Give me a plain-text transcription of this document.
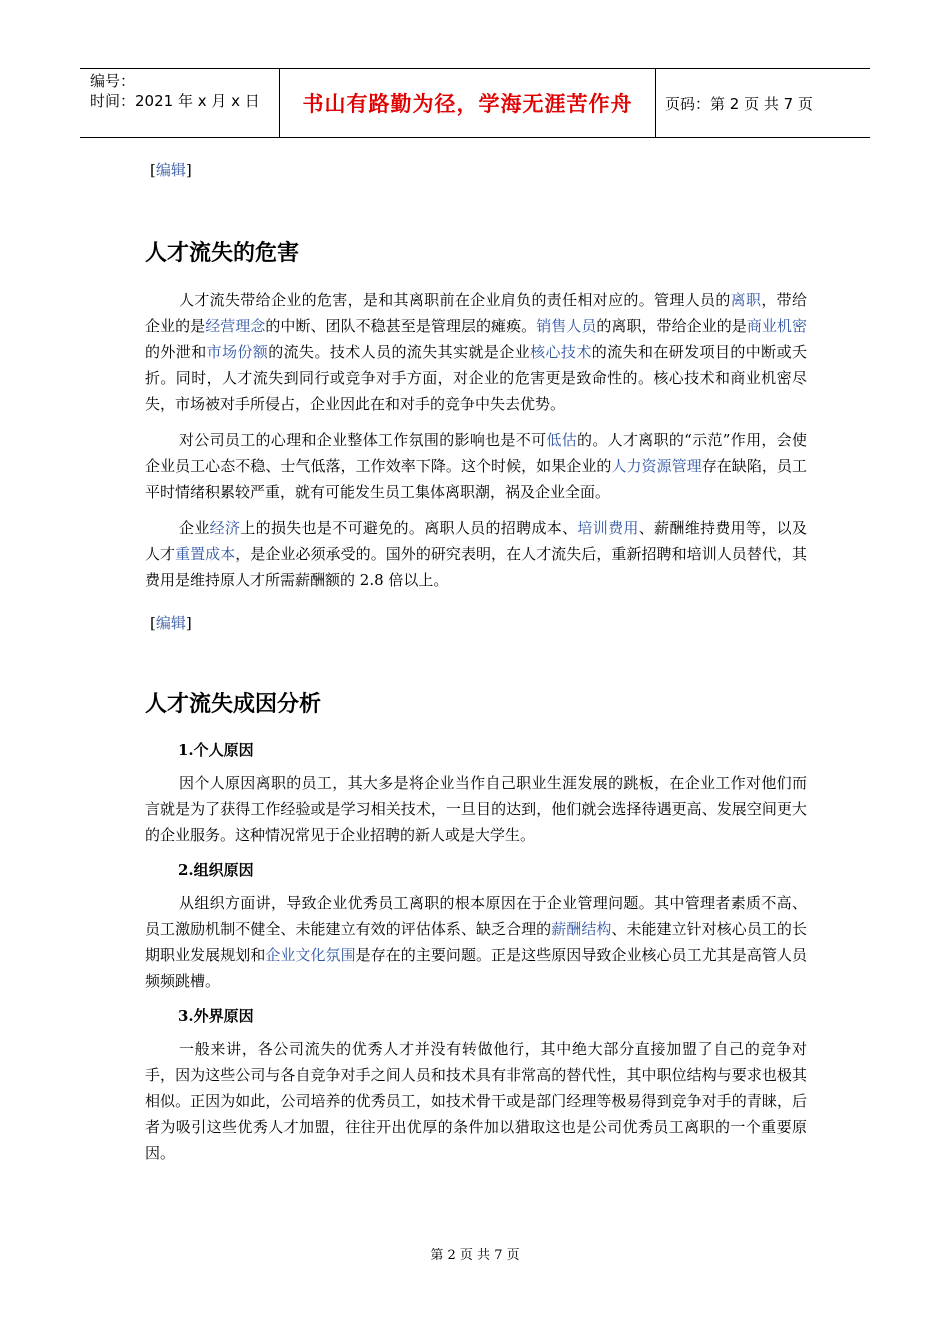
编号：
时间：2021 年 x 月 x 日	书山有路勤为径，学海无涯苦作舟	页码：第 2 页 共 7 页
[编辑]
人才流失的危害

人才流失带给企业的危害，是和其离职前在企业肩负的责任相对应的。管理人员的离职，带给企业的是经营理念的中断、团队不稳甚至是管理层的瘫痪。销售人员的离职，带给企业的是商业机密的外泄和市场份额的流失。技术人员的流失其实就是企业核心技术的流失和在研发项目的中断或夭折。同时，人才流失到同行或竞争对手方面，对企业的危害更是致命性的。核心技术和商业机密尽失，市场被对手所侵占，企业因此在和对手的竞争中失去优势。

对公司员工的心理和企业整体工作氛围的影响也是不可低估的。人才离职的“示范”作用，会使企业员工心态不稳、士气低落，工作效率下降。这个时候，如果企业的人力资源管理存在缺陷，员工平时情绪积累较严重，就有可能发生员工集体离职潮，祸及企业全面。

企业经济上的损失也是不可避免的。离职人员的招聘成本、培训费用、薪酬维持费用等，以及人才重置成本，是企业必须承受的。国外的研究表明，在人才流失后，重新招聘和培训人员替代，其费用是维持原人才所需薪酬额的 2.8 倍以上。

[编辑]
人才流失成因分析
1.个人原因

因个人原因离职的员工，其大多是将企业当作自己职业生涯发展的跳板，在企业工作对他们而言就是为了获得工作经验或是学习相关技术，一旦目的达到，他们就会选择待遇更高、发展空间更大的企业服务。这种情况常见于企业招聘的新人或是大学生。

2.组织原因

从组织方面讲，导致企业优秀员工离职的根本原因在于企业管理问题。其中管理者素质不高、员工激励机制不健全、未能建立有效的评估体系、缺乏合理的薪酬结构、未能建立针对核心员工的长期职业发展规划和企业文化氛围是存在的主要问题。正是这些原因导致企业核心员工尤其是高管人员频频跳槽。

3.外界原因

一般来讲，各公司流失的优秀人才并没有转做他行，其中绝大部分直接加盟了自己的竞争对手，因为这些公司与各自竞争对手之间人员和技术具有非常高的替代性，其中职位结构与要求也极其相似。正因为如此，公司培养的优秀员工，如技术骨干或是部门经理等极易得到竞争对手的青睐，后者为吸引这些优秀人才加盟，往往开出优厚的条件加以猎取这也是公司优秀员工离职的一个重要原因。

第 2 页 共 7 页
